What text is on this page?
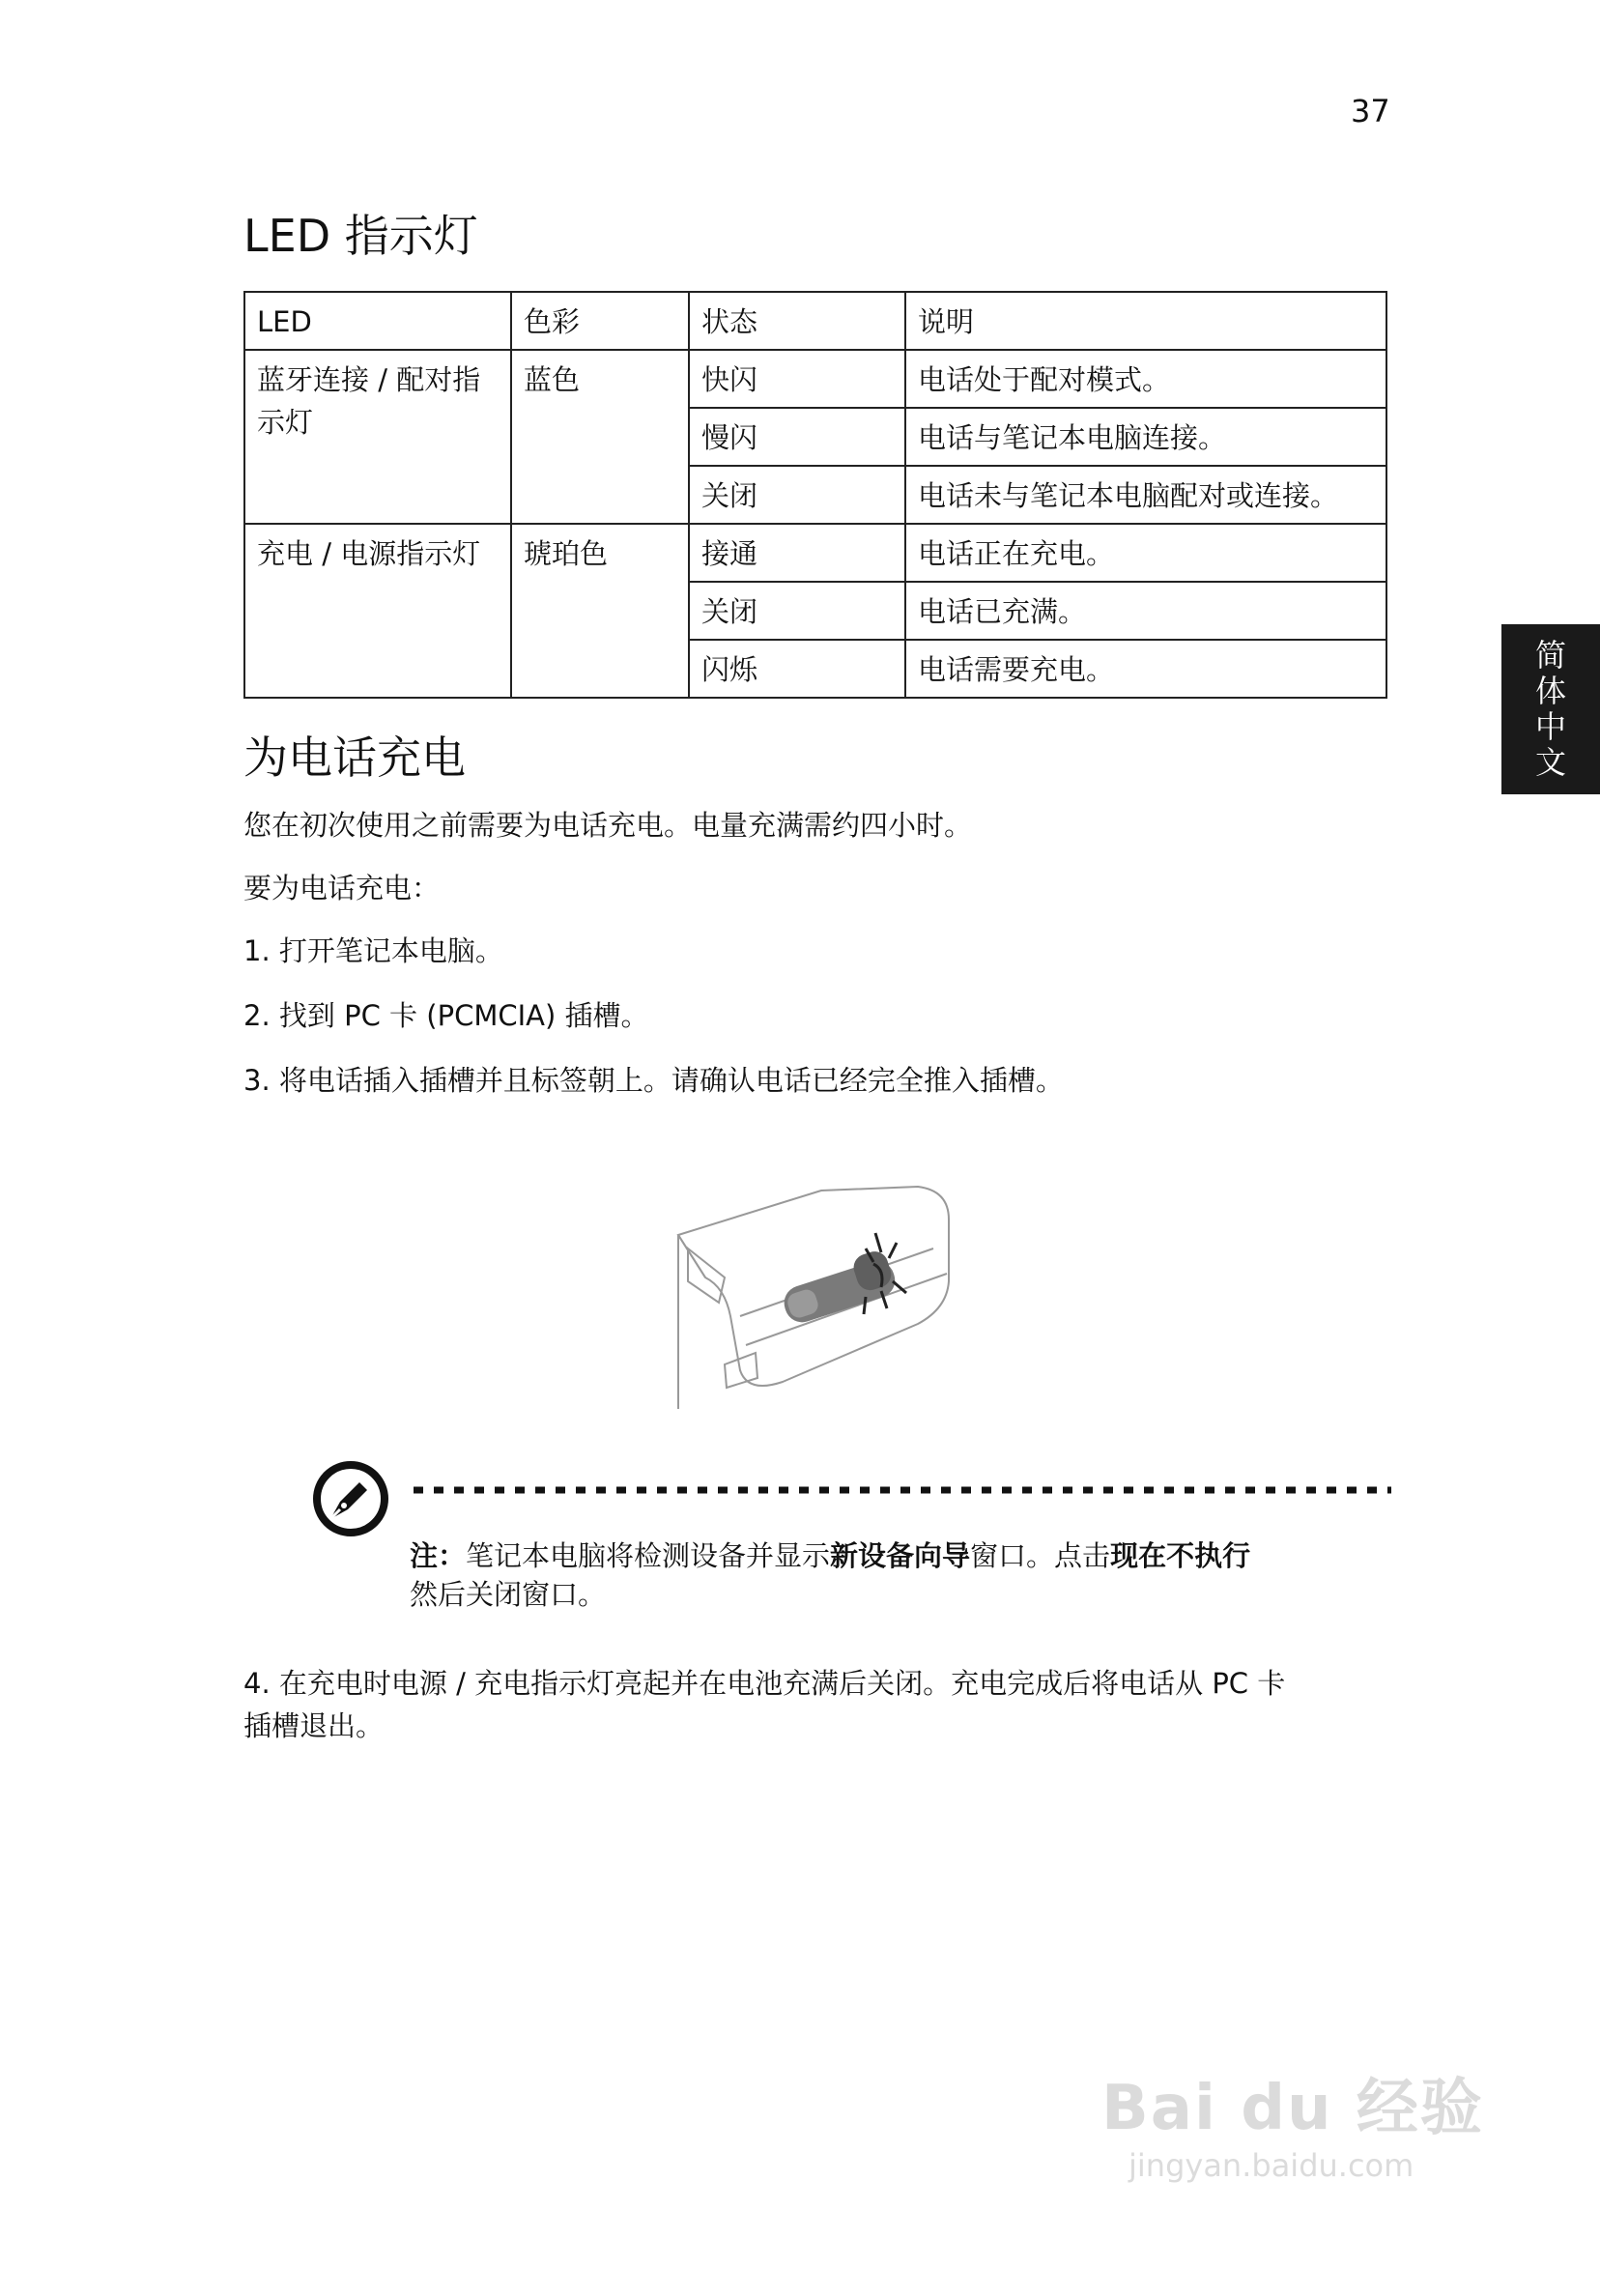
37
简
体
中
文
LED 指示灯
LED	色彩	状态	说明
蓝牙连接 / 配对指示灯	蓝色	快闪	电话处于配对模式。
		慢闪	电话与笔记本电脑连接。
		关闭	电话未与笔记本电脑配对或连接。
充电 / 电源指示灯	琥珀色	接通	电话正在充电。
		关闭	电话已充满。
		闪烁	电话需要充电。
为电话充电

您在初次使用之前需要为电话充电。电量充满需约四小时。

要为电话充电：

1. 打开笔记本电脑。

2. 找到 PC 卡 (PCMCIA) 插槽。

3. 将电话插入插槽并且标签朝上。请确认电话已经完全推入插槽。

注：笔记本电脑将检测设备并显示新设备向导窗口。点击现在不执行
然后关闭窗口。

4. 在充电时电源 / 充电指示灯亮起并在电池充满后关闭。充电完成后将电话从 PC 卡

插槽退出。

Bai du 经验
jingyan.baidu.com
